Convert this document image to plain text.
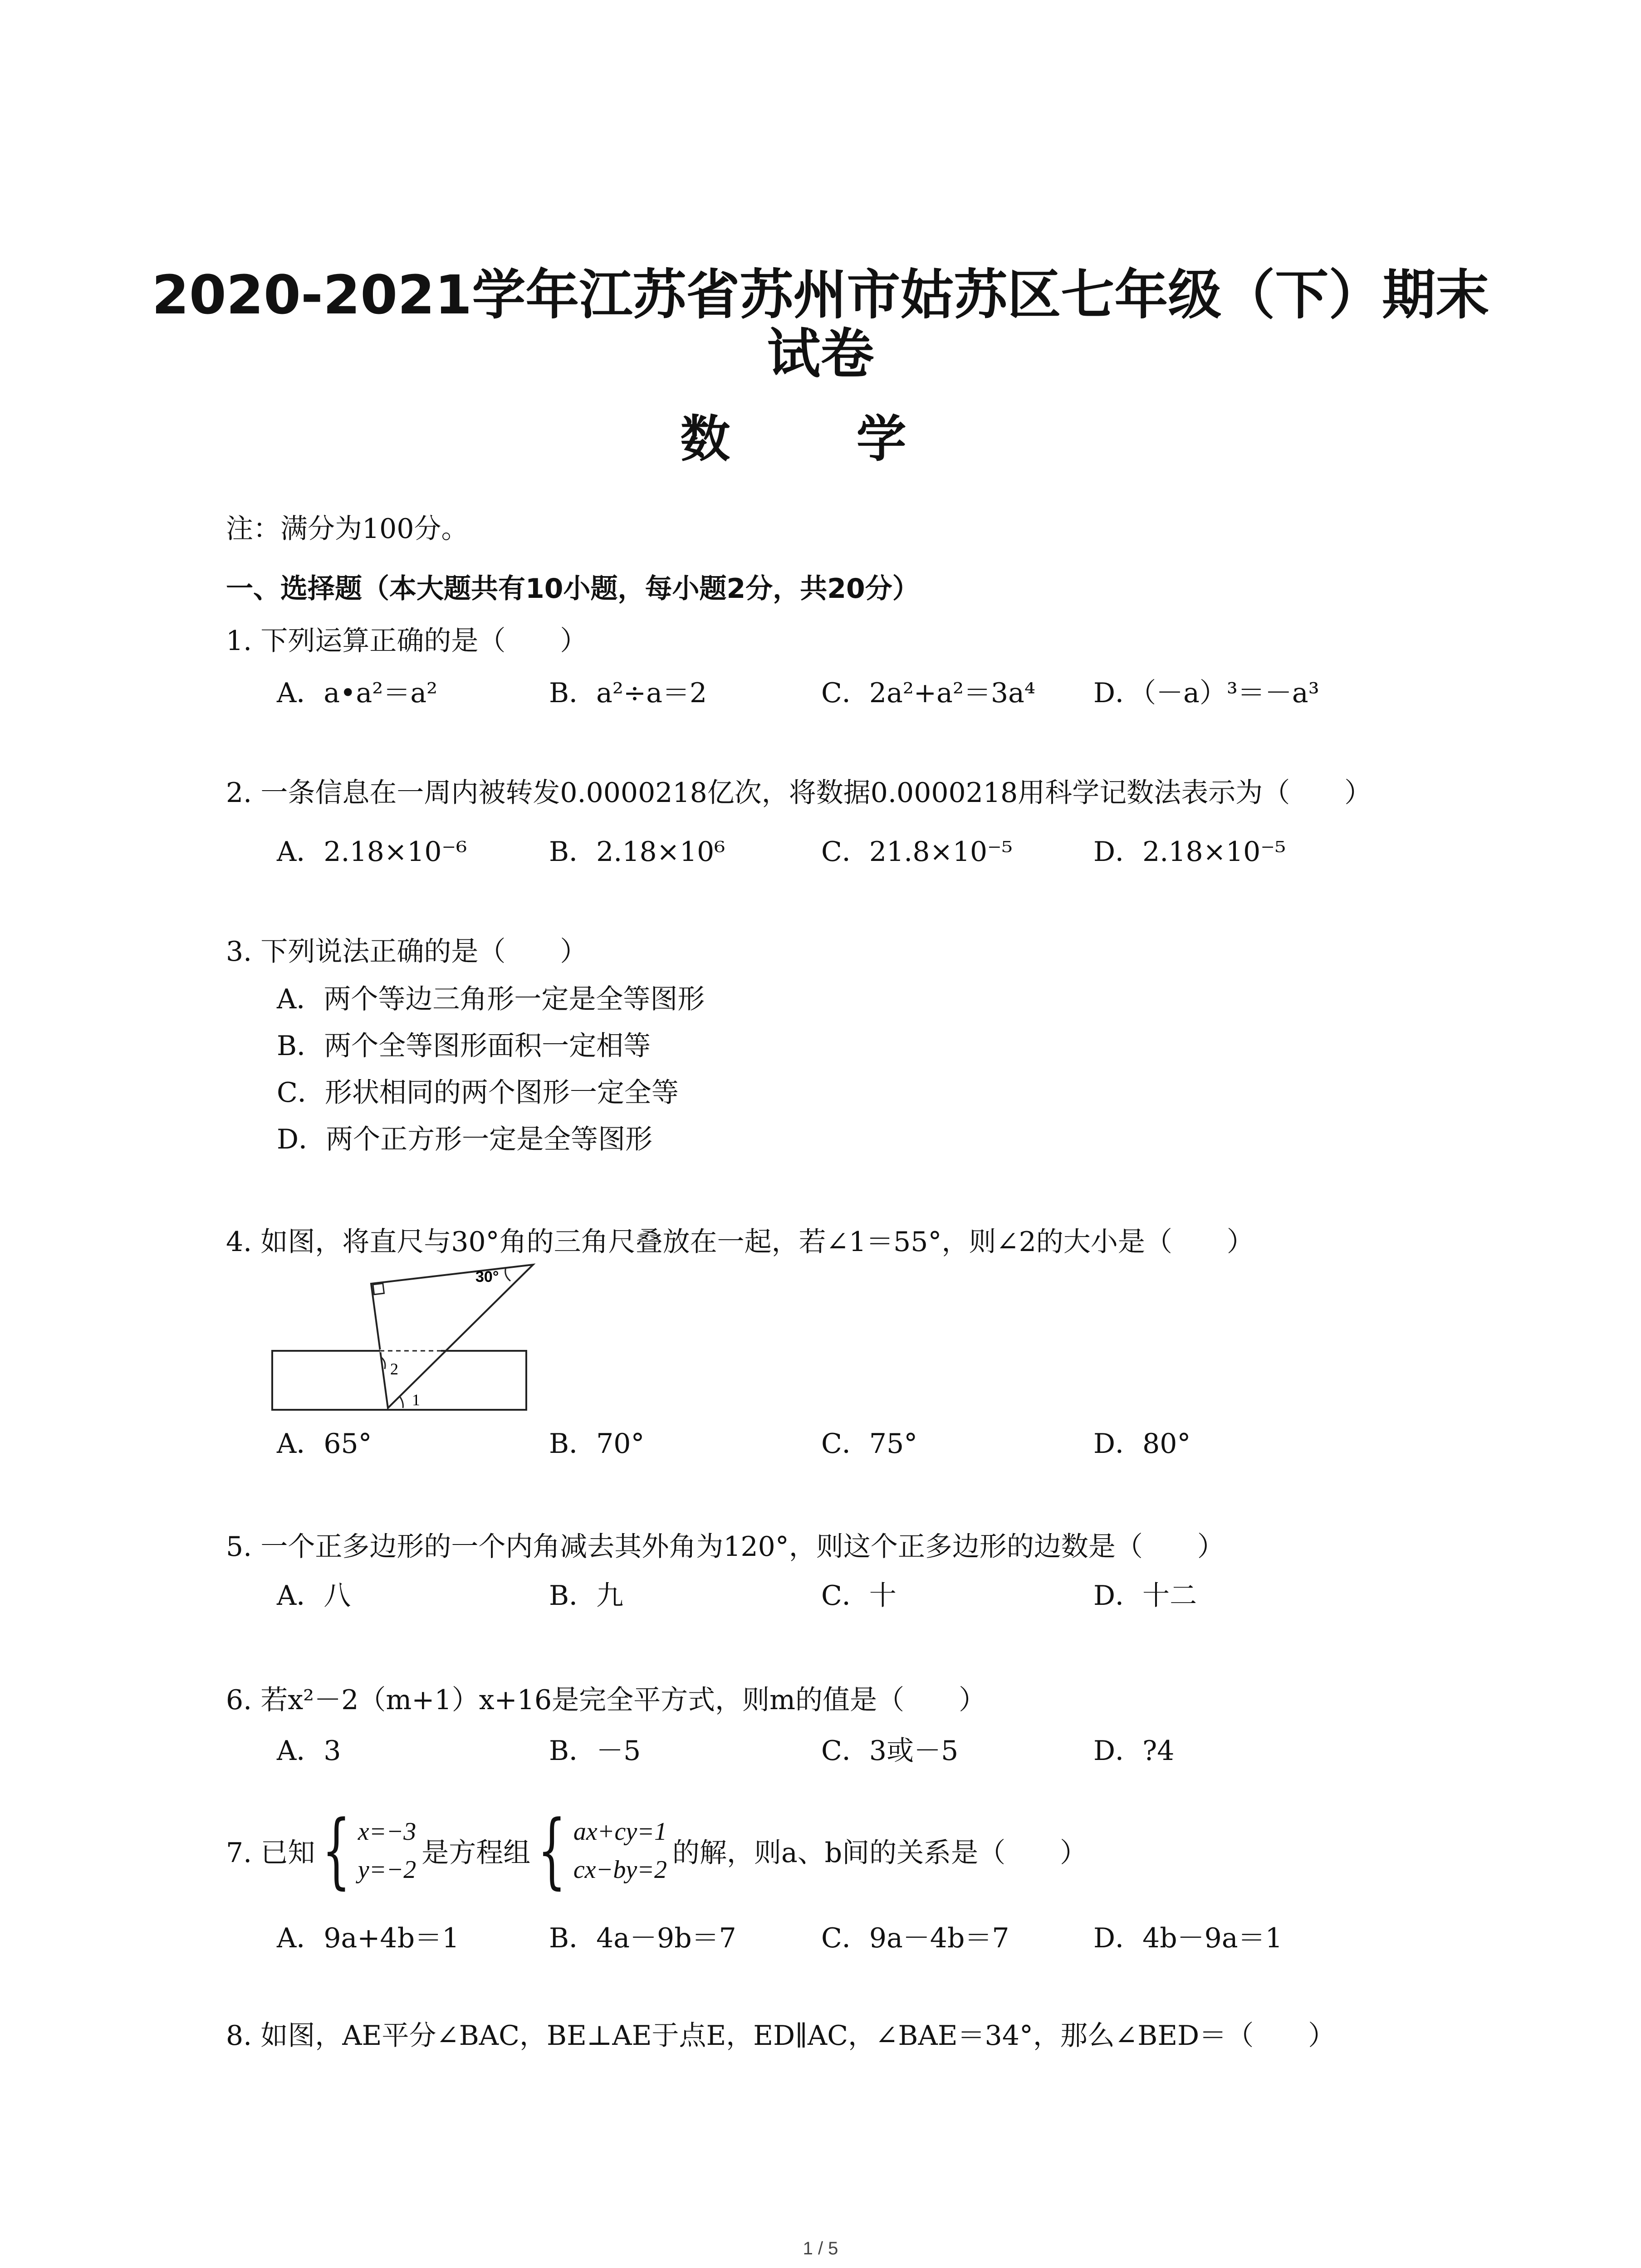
2020-2021学年江苏省苏州市姑苏区七年级（下）期末
试卷
数 学
注：满分为100分。
一、选择题（本大题共有10小题，每小题2分，共20分）
1. 下列运算正确的是（　　）
A．a•a²＝a²	B．a²÷a＝2	C．2a²+a²＝3a⁴ D．（－a）³＝－a³
2. 一条信息在一周内被转发0.0000218亿次，将数据0.0000218用科学记数法表示为（　　）
A．2.18×10⁻⁶	B．2.18×10⁶	C．21.8×10⁻⁵	D．2.18×10⁻⁵
3. 下列说法正确的是（　　）
A．两个等边三角形一定是全等图形
B．两个全等图形面积一定相等
C．形状相同的两个图形一定全等
D．两个正方形一定是全等图形
4. 如图，将直尺与30°角的三角尺叠放在一起，若∠1＝55°，则∠2的大小是（　　）
30°
2
1
A．65°	B．70°	C．75°	D．80°
5. 一个正多边形的一个内角减去其外角为120°，则这个正多边形的边数是（　　）
A．八	B．九	C．十	D．十二
6. 若x²－2（m+1）x+16是完全平方式，则m的值是（　　）
A．3	B．－5	C．3或－5	D．?4
7. 已知 { x=−3
y=−2
是方程组 { ax+cy=1
cx−by=2
的解，则a、b间的关系是（　　）
A．9a+4b＝1	B．4a－9b＝7	C．9a－4b＝7	D．4b－9a＝1
8. 如图，AE平分∠BAC，BE⊥AE于点E，ED∥AC，∠BAE＝34°，那么∠BED＝（　　）
1 / 5
